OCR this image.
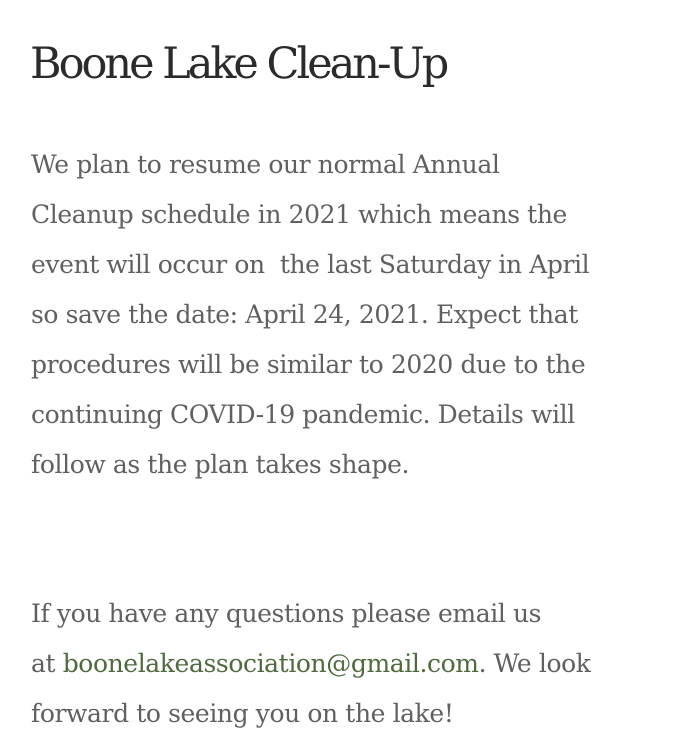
Boone Lake Clean-Up

We plan to resume our normal Annual
Cleanup schedule in 2021 which means the
event will occur on  the last Saturday in April
so save the date: April 24, 2021. Expect that
procedures will be similar to 2020 due to the
continuing COVID-19 pandemic. Details will
follow as the plan takes shape.

If you have any questions please email us
at boonelakeassociation@gmail.com. We look
forward to seeing you on the lake!
